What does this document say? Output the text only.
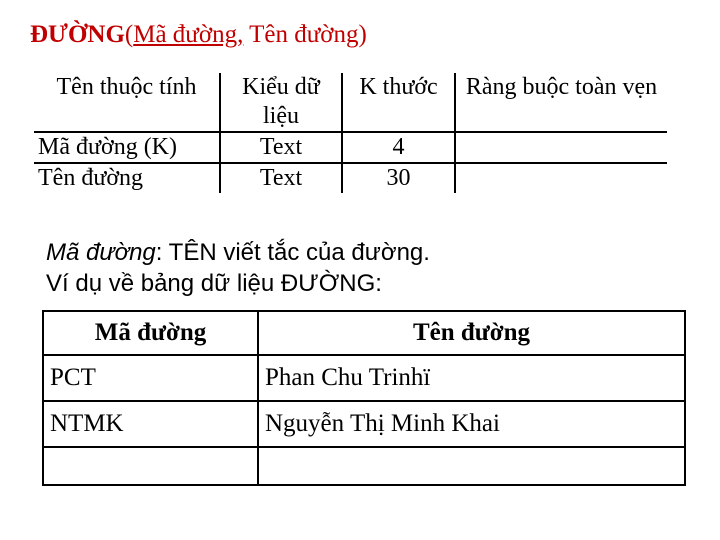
ĐƯỜNG(Mã đường, Tên đường)
Tên thuộc tính	Kiểu dữ liệu	K thước	Ràng buộc toàn vẹn
Mã đường (K)	Text	4	
Tên đường	Text	30	
Mã đường: TÊN viết tắc của đường.
Ví dụ về bảng dữ liệu ĐƯỜNG:
Mã đường	Tên đường
PCT	Phan Chu Trinhï
NTMK	Nguyễn Thị Minh Khai
